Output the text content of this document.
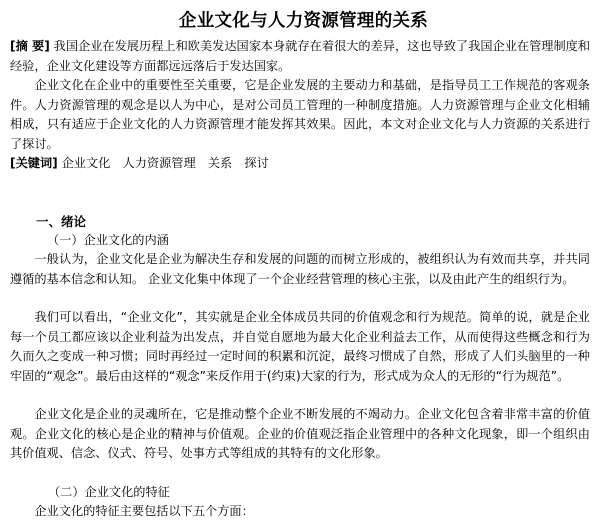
企业文化与人力资源管理的关系
[摘 要] 我国企业在发展历程上和欧美发达国家本身就存在着很大的差异，这也导致了我国企业在管理制度和经验，企业文化建设等方面都远远落后于发达国家。
企业文化在企业中的重要性至关重要，它是企业发展的主要动力和基础，是指导员工工作规范的客观条件。人力资源管理的观念是以人为中心，是对公司员工管理的一种制度措施。人力资源管理与企业文化相辅相成，只有适应于企业文化的人力资源管理才能发挥其效果。因此，本文对企业文化与人力资源的关系进行了探讨。
[关键词] 企业文化　人力资源管理　关系　探讨
一、绪论
（一）企业文化的内涵
一般认为，企业文化是企业为解决生存和发展的问题的而树立形成的，被组织认为有效而共享，并共同遵循的基本信念和认知。 企业文化集中体现了一个企业经营管理的核心主张，以及由此产生的组织行为。
我们可以看出，“企业文化”，其实就是企业全体成员共同的价值观念和行为规范。简单的说，就是企业每一个员工都应该以企业利益为出发点，并自觉自愿地为最大化企业利益去工作，从而使得这些概念和行为久而久之变成一种习惯；同时再经过一定时间的积累和沉淀，最终习惯成了自然，形成了人们头脑里的一种牢固的“观念”。最后由这样的“观念”来反作用于(约束)大家的行为，形式成为众人的无形的“行为规范”。
企业文化是企业的灵魂所在，它是推动整个企业不断发展的不竭动力。企业文化包含着非常丰富的价值观。企业文化的核心是企业的精神与价值观。企业的价值观泛指企业管理中的各种文化现象，即一个组织由其价值观、信念、仪式、符号、处事方式等组成的其特有的文化形象。
（二）企业文化的特征
企业文化的特征主要包括以下五个方面：
